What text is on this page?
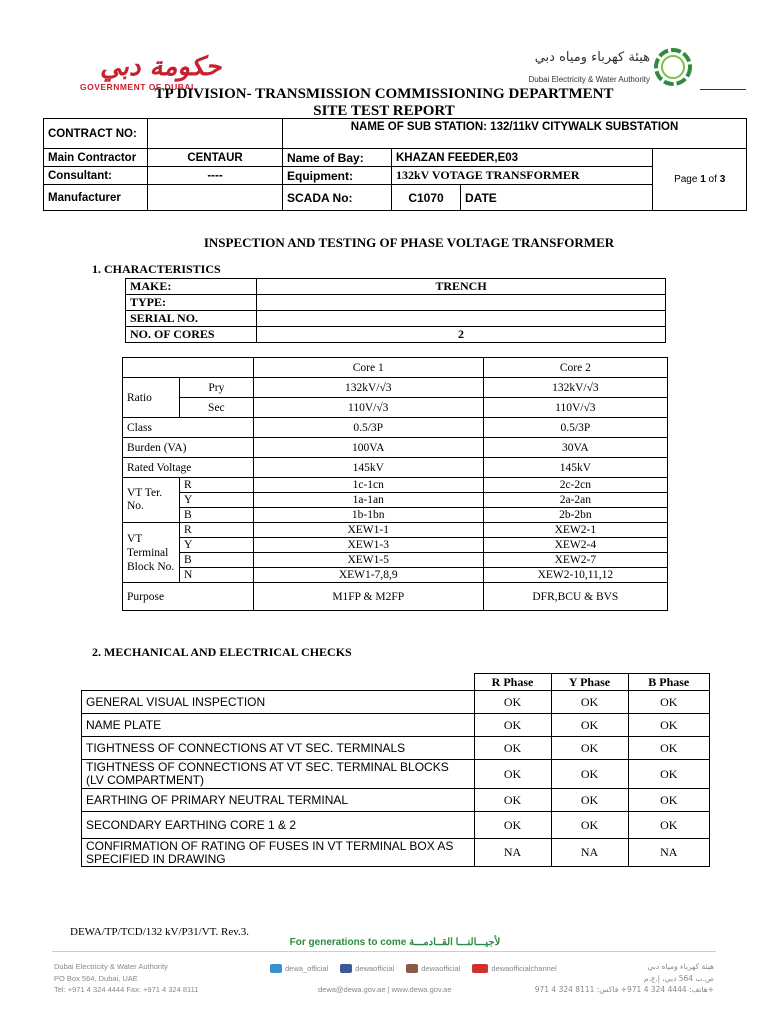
حكومة دبي
GOVERNMENT OF DUBAI
هيئة كهرباء ومياه دبي
Dubai Electricity & Water Authority
TP DIVISION- TRANSMISSION COMMISSIONING DEPARTMENT
SITE TEST REPORT
CONTRACT NO:		NAME OF SUB STATION: 132/11kV CITYWALK SUBSTATION			
Main Contractor	CENTAUR	Name of Bay:	KHAZAN FEEDER,E03		Page 1 of 3
Consultant:	----	Equipment:	132kV VOTAGE TRANSFORMER		
Manufacturer		SCADA No:	C1070	DATE	
INSPECTION AND TESTING OF PHASE VOLTAGE TRANSFORMER
1. CHARACTERISTICS
MAKE:	TRENCH
TYPE:	
SERIAL NO.	
NO. OF CORES	2
		Core 1	Core 2
Ratio	Pry	132kV/√3	132kV/√3
	Sec	110V/√3	110V/√3
Class		0.5/3P	0.5/3P
Burden (VA)		100VA	30VA
Rated Voltage		145kV	145kV
VT Ter. No.	R	1c-1cn	2c-2cn
	Y	1a-1an	2a-2an
	B	1b-1bn	2b-2bn
VT Terminal Block No.	R	XEW1-1	XEW2-1
	Y	XEW1-3	XEW2-4
	B	XEW1-5	XEW2-7
	N	XEW1-7,8,9	XEW2-10,11,12
Purpose		M1FP & M2FP	DFR,BCU & BVS
2. MECHANICAL AND ELECTRICAL CHECKS
	R Phase	Y Phase	B Phase
GENERAL VISUAL INSPECTION	OK	OK	OK
NAME PLATE	OK	OK	OK
TIGHTNESS OF CONNECTIONS AT VT SEC. TERMINALS	OK	OK	OK
TIGHTNESS OF CONNECTIONS AT VT SEC. TERMINAL BLOCKS (LV COMPARTMENT)	OK	OK	OK
EARTHING OF PRIMARY NEUTRAL TERMINAL	OK	OK	OK
SECONDARY EARTHING CORE 1 & 2	OK	OK	OK
CONFIRMATION OF RATING OF FUSES IN VT TERMINAL BOX AS SPECIFIED IN DRAWING	NA	NA	NA
DEWA/TP/TCD/132 kV/P31/VT. Rev.3.
For generations to come لأجيـــالنـــا القــادمـــة
Dubai Electricity & Water Authority
PO Box 564, Dubai, UAE
Tel: +971 4 324 4444 Fax: +971 4 324 8111
dewa_official	dewaofficial	dewaofficial	dewaofficialchannel
dewa@dewa.gov.ae | www.dewa.gov.ae
هيئة كهرباء ومياه دبي
ص.ب 564 دبي، إ.ع.م
هاتف: 4444 324 4 971+ فاكس: 8111 324 4 971+
